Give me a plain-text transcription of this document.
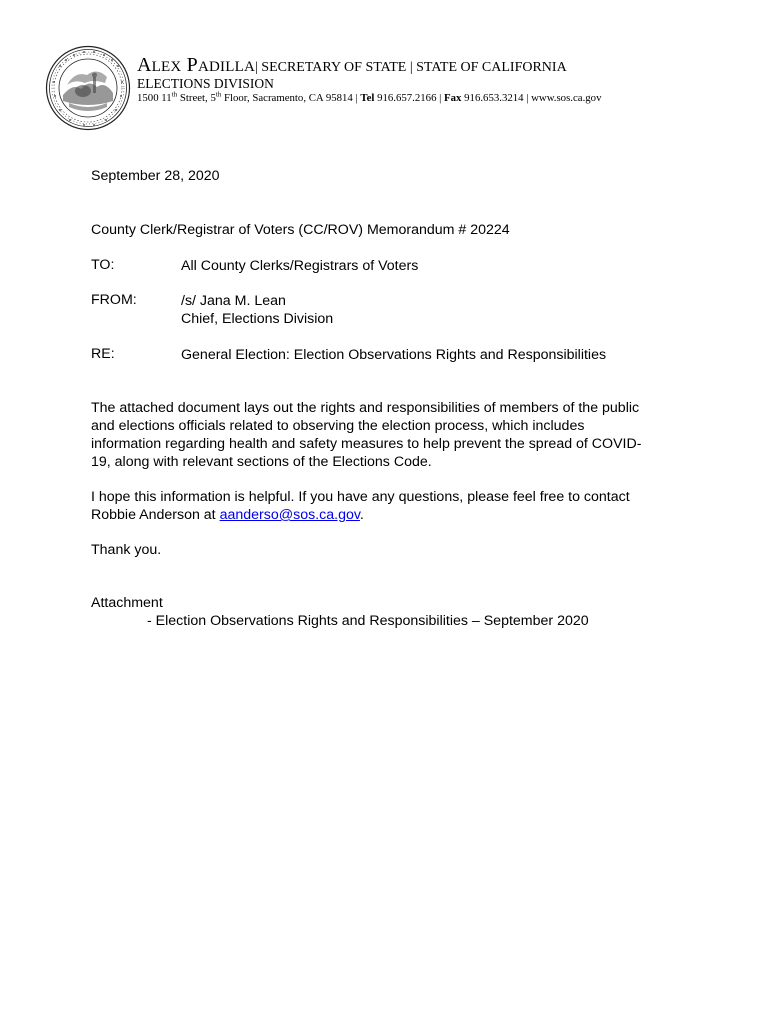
ALEX PADILLA| SECRETARY OF STATE | STATE OF CALIFORNIA
ELECTIONS DIVISION
1500 11th Street, 5th Floor, Sacramento, CA 95814 | Tel 916.657.2166 | Fax 916.653.3214 | www.sos.ca.gov
September 28, 2020
County Clerk/Registrar of Voters (CC/ROV) Memorandum # 20224
TO:	All County Clerks/Registrars of Voters
FROM:	/s/ Jana M. Lean

Chief, Elections Division

RE:	General Election: Election Observations Rights and Responsibilities

The attached document lays out the rights and responsibilities of members of the public

and elections officials related to observing the election process, which includes

information regarding health and safety measures to help prevent the spread of COVID-

19, along with relevant sections of the Elections Code.

I hope this information is helpful. If you have any questions, please feel free to contact

Robbie Anderson at aanderso@sos.ca.gov.

Thank you.
Attachment
- Election Observations Rights and Responsibilities – September 2020
